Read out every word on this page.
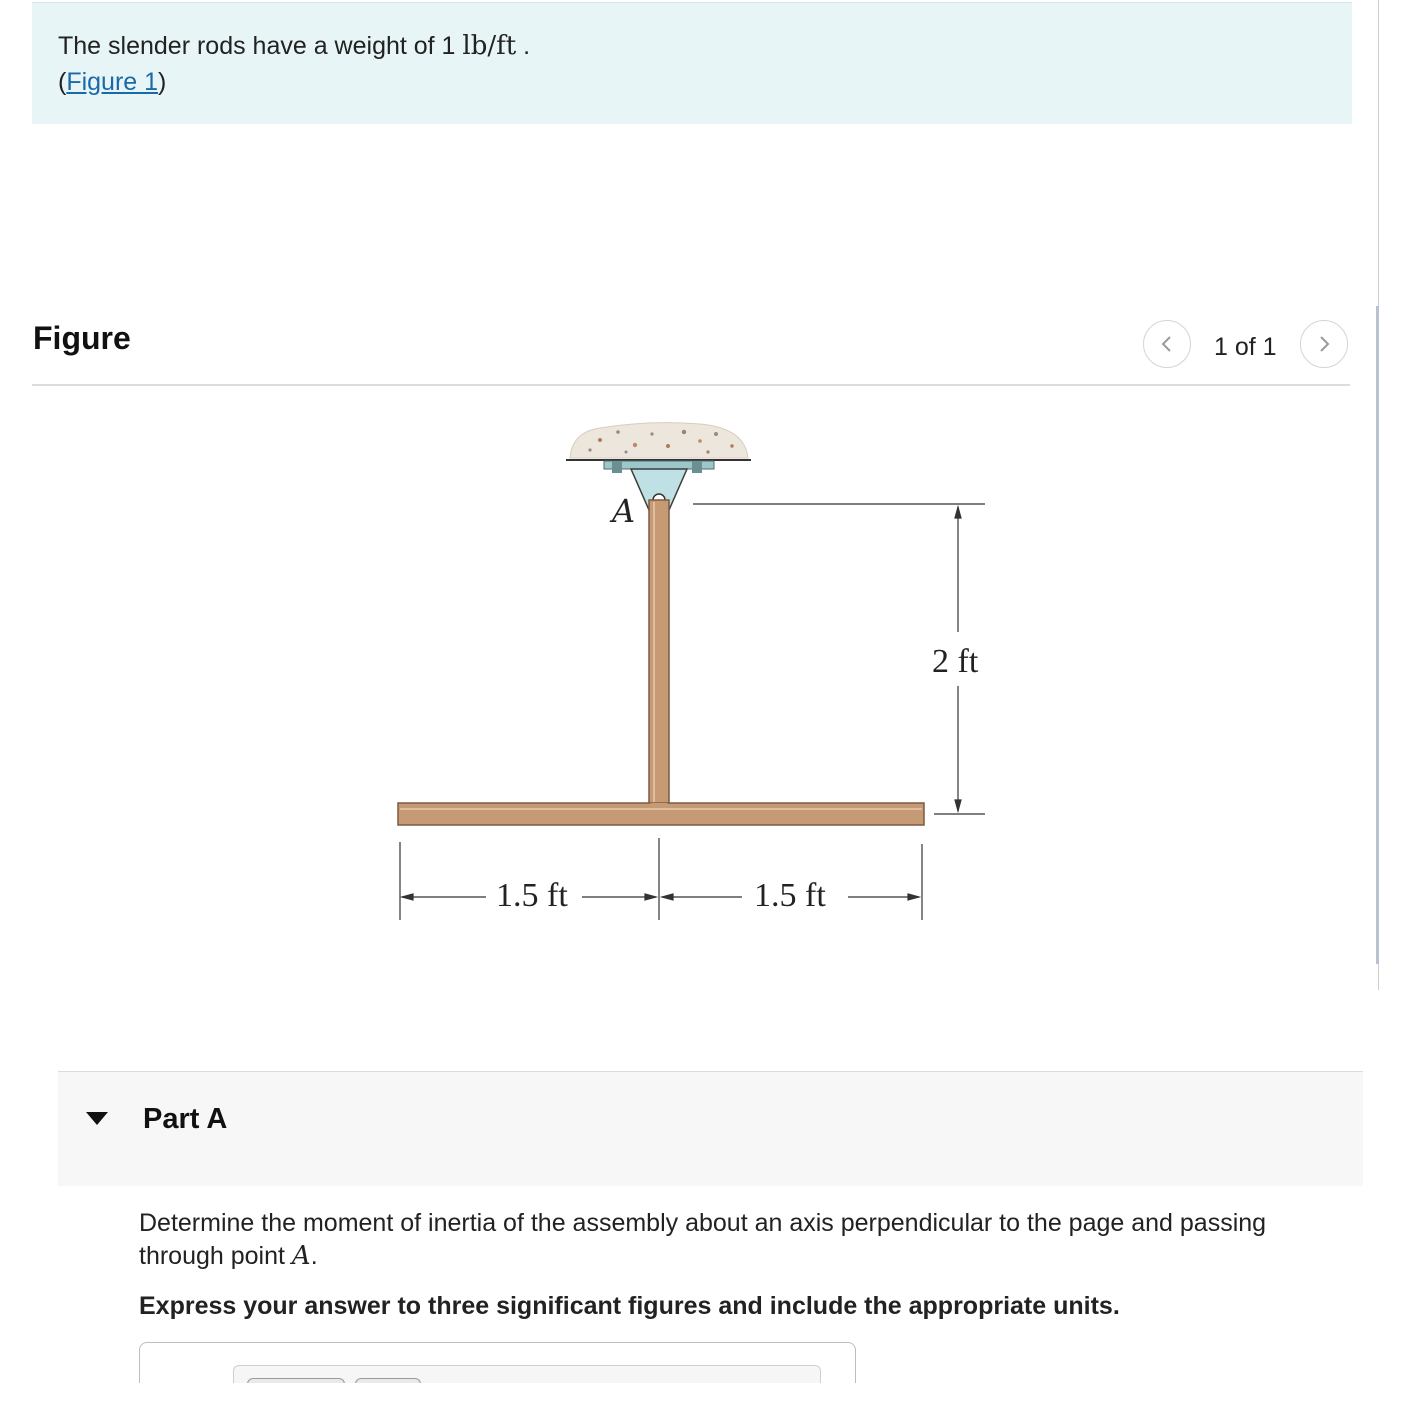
The slender rods have a weight of 1 lb/ft .
(Figure 1)
Figure	1 of 1
A
2 ft
1.5 ft	1.5 ft
Part A
Determine the moment of inertia of the assembly about an axis perpendicular to the page and passing through point A.
Express your answer to three significant figures and include the appropriate units.
